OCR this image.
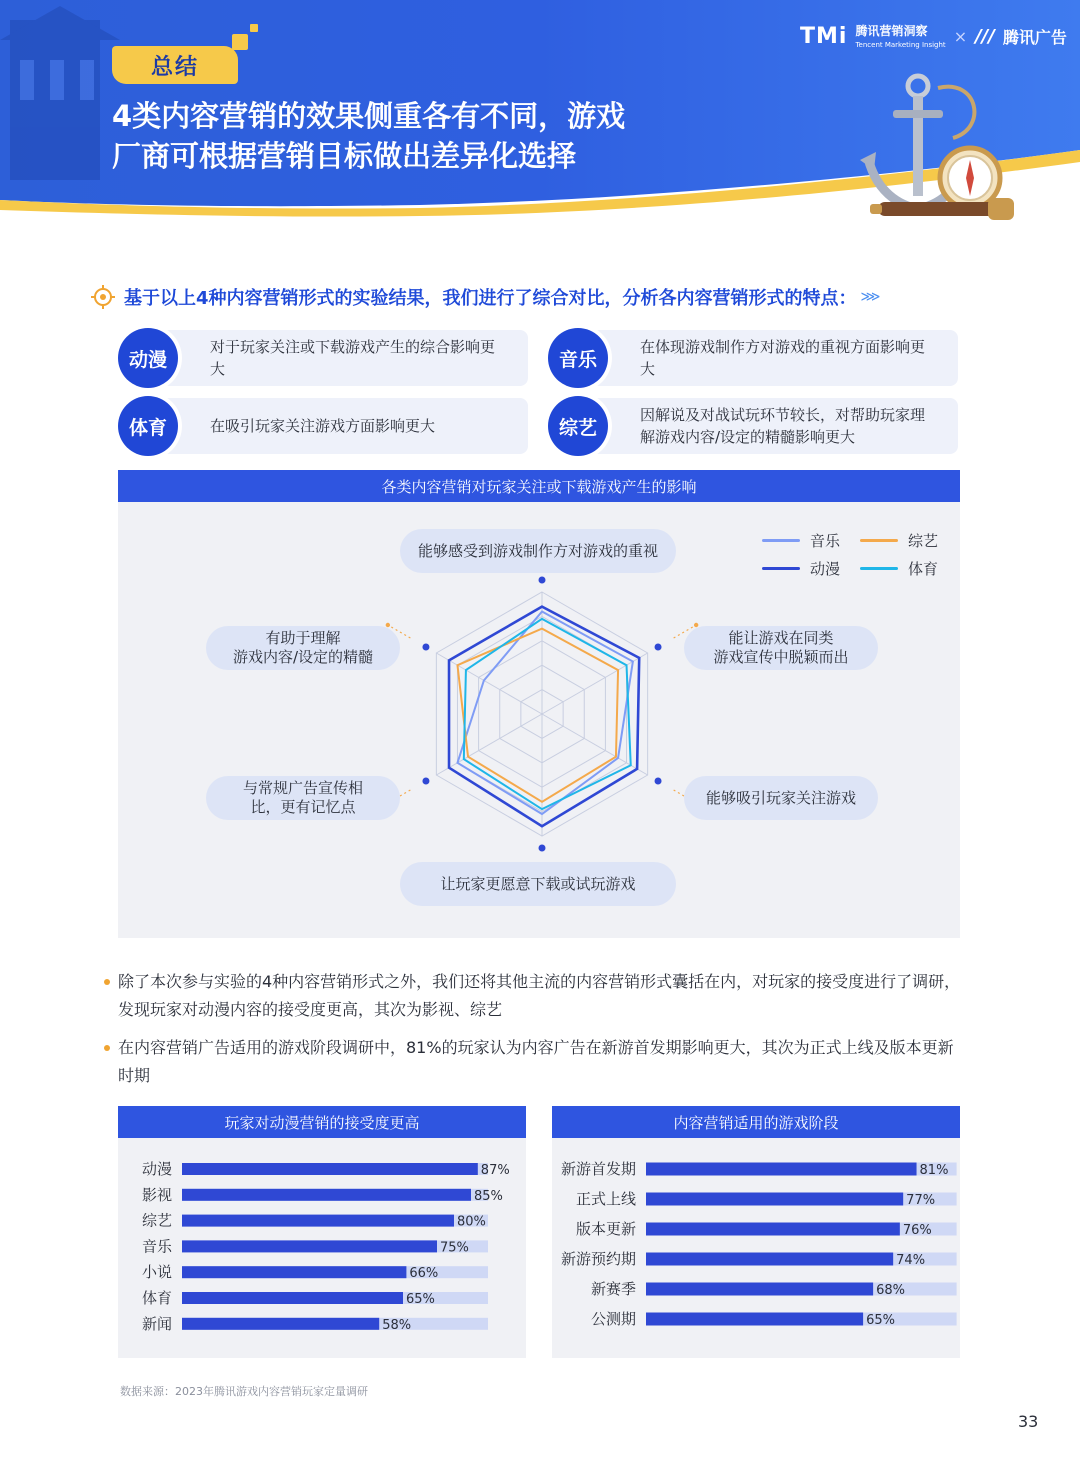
总结
4类内容营销的效果侧重各有不同，游戏
厂商可根据营销目标做出差异化选择
TMi 腾讯营销洞察
Tencent Marketing Insight × /// 腾讯广告
基于以上4种内容营销形式的实验结果，我们进行了综合对比，分析各内容营销形式的特点： ⋙
动漫
对于玩家关注或下载游戏产生的综合影响更大	音乐
在体现游戏制作方对游戏的重视方面影响更大
体育	在吸引玩家关注游戏方面影响更大	综艺
因解说及对战试玩环节较长，对帮助玩家理解游戏内容/设定的精髓影响更大
各类内容营销对玩家关注或下载游戏产生的影响
能够感受到游戏制作方对游戏的重视
能让游戏在同类
游戏宣传中脱颖而出
能够吸引玩家关注游戏
让玩家更愿意下载或试玩游戏
与常规广告宣传相
比，更有记忆点
有助于理解
游戏内容/设定的精髓
音乐	综艺
动漫	体育
除了本次参与实验的4种内容营销形式之外，我们还将其他主流的内容营销形式囊括在内，对玩家的接受度进行了调研，发现玩家对动漫内容的接受度更高，其次为影视、综艺
在内容营销广告适用的游戏阶段调研中，81%的玩家认为内容广告在新游首发期影响更大，其次为正式上线及版本更新时期
玩家对动漫营销的接受度更高
动漫	87%
影视	85%
综艺	80%
音乐	75%
小说	66%
体育	65%
新闻	58%
内容营销适用的游戏阶段
新游首发期	81%
正式上线	77%
版本更新	76%
新游预约期	74%
新赛季	68%
公测期	65%
数据来源：2023年腾讯游戏内容营销玩家定量调研
33
